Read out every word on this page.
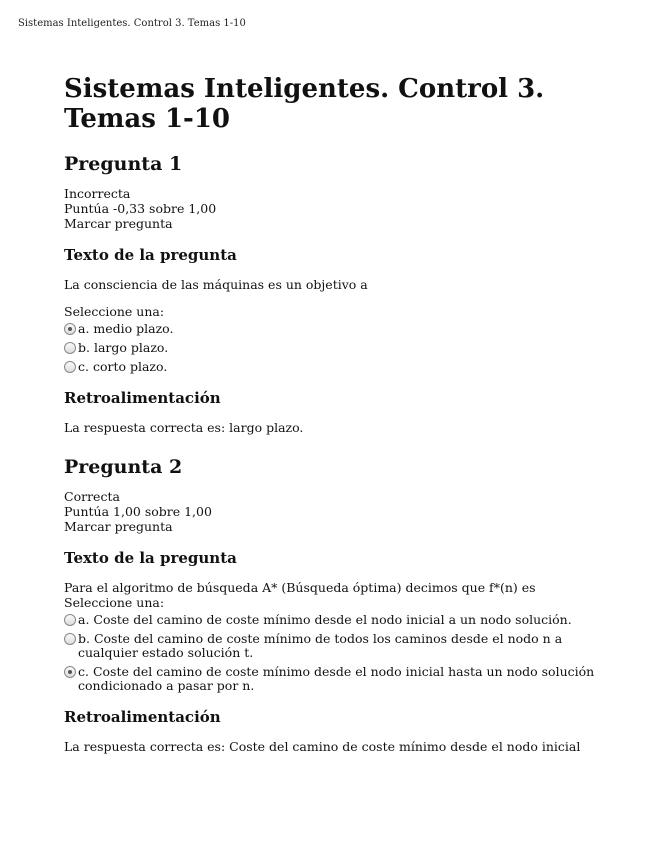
Sistemas Inteligentes. Control 3. Temas 1-10
Sistemas Inteligentes. Control 3. Temas 1-10
Pregunta 1
Incorrecta
Puntúa -0,33 sobre 1,00
Marcar pregunta
Texto de la pregunta

La consciencia de las máquinas es un objetivo a

Seleccione una:

a. medio plazo.
b. largo plazo.
c. corto plazo.
Retroalimentación

La respuesta correcta es: largo plazo.

Pregunta 2
Correcta
Puntúa 1,00 sobre 1,00
Marcar pregunta
Texto de la pregunta

Para el algoritmo de búsqueda A* (Búsqueda óptima) decimos que f*(n) es

Seleccione una:

a. Coste del camino de coste mínimo desde el nodo inicial a un nodo solución.
b. Coste del camino de coste mínimo de todos los caminos desde el nodo n a cualquier estado solución t.
c. Coste del camino de coste mínimo desde el nodo inicial hasta un nodo solución condicionado a pasar por n.
Retroalimentación

La respuesta correcta es: Coste del camino de coste mínimo desde el nodo inicial
